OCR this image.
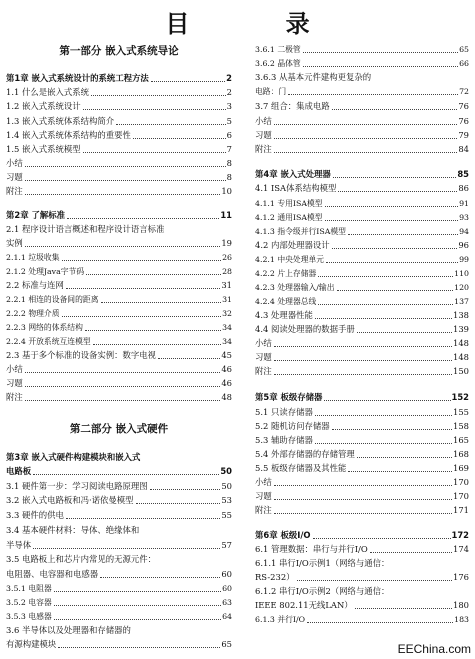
目 录
第一部分 嵌入式系统导论
第1章 嵌入式系统设计的系统工程方法	2
1.1 什么是嵌入式系统	2
1.2 嵌入式系统设计	3
1.3 嵌入式系统体系结构简介	5
1.4 嵌入式系统体系结构的重要性	6
1.5 嵌入式系统模型	7
小结	8
习题	8
附注	10
第2章 了解标准	11
2.1 程序设计语言概述和程序设计语言标准
实例	19
2.1.1 垃圾收集	26
2.1.2 处理Java字节码	28
2.2 标准与连网	31
2.2.1 相连的设备间的距离	31
2.2.2 物理介质	32
2.2.3 网络的体系结构	34
2.2.4 开放系统互连模型	34
2.3 基于多个标准的设备实例：数字电视	45
小结	46
习题	46
附注	48
第二部分 嵌入式硬件
第3章 嵌入式硬件构建模块和嵌入式
电路板	50
3.1 硬件第一步：学习阅读电路原理图	50
3.2 嵌入式电路板和冯·诺依曼模型	53
3.3 硬件的供电	55
3.4 基本硬件材料：导体、绝缘体和
半导体	57
3.5 电路板上和芯片内常见的无源元件：
电阻器、电容器和电感器	60
3.5.1 电阻器	60
3.5.2 电容器	63
3.5.3 电感器	64
3.6 半导体以及处理器和存储器的
有源构建模块	65
3.6.1 二极管	65
3.6.2 晶体管	66
3.6.3 从基本元件建构更复杂的
电路：门	72
3.7 组合：集成电路	76
小结	76
习题	79
附注	84
第4章 嵌入式处理器	85
4.1 ISA体系结构模型	86
4.1.1 专用ISA模型	91
4.1.2 通用ISA模型	93
4.1.3 指令级并行ISA模型	94
4.2 内部处理器设计	96
4.2.1 中央处理单元	99
4.2.2 片上存储器	110
4.2.3 处理器输入/输出	120
4.2.4 处理器总线	137
4.3 处理器性能	138
4.4 阅读处理器的数据手册	139
小结	148
习题	148
附注	150
第5章 板级存储器	152
5.1 只读存储器	155
5.2 随机访问存储器	158
5.3 辅助存储器	165
5.4 外部存储器的存储管理	168
5.5 板级存储器及其性能	169
小结	170
习题	170
附注	171
第6章 板级I/O	172
6.1 管理数据：串行与并行I/O	174
6.1.1 串行I/O示例1（网络与通信：
RS-232）	176
6.1.2 串行I/O示例2（网络与通信：
IEEE 802.11无线LAN）	180
6.1.3 并行I/O	183
EEChina.com
